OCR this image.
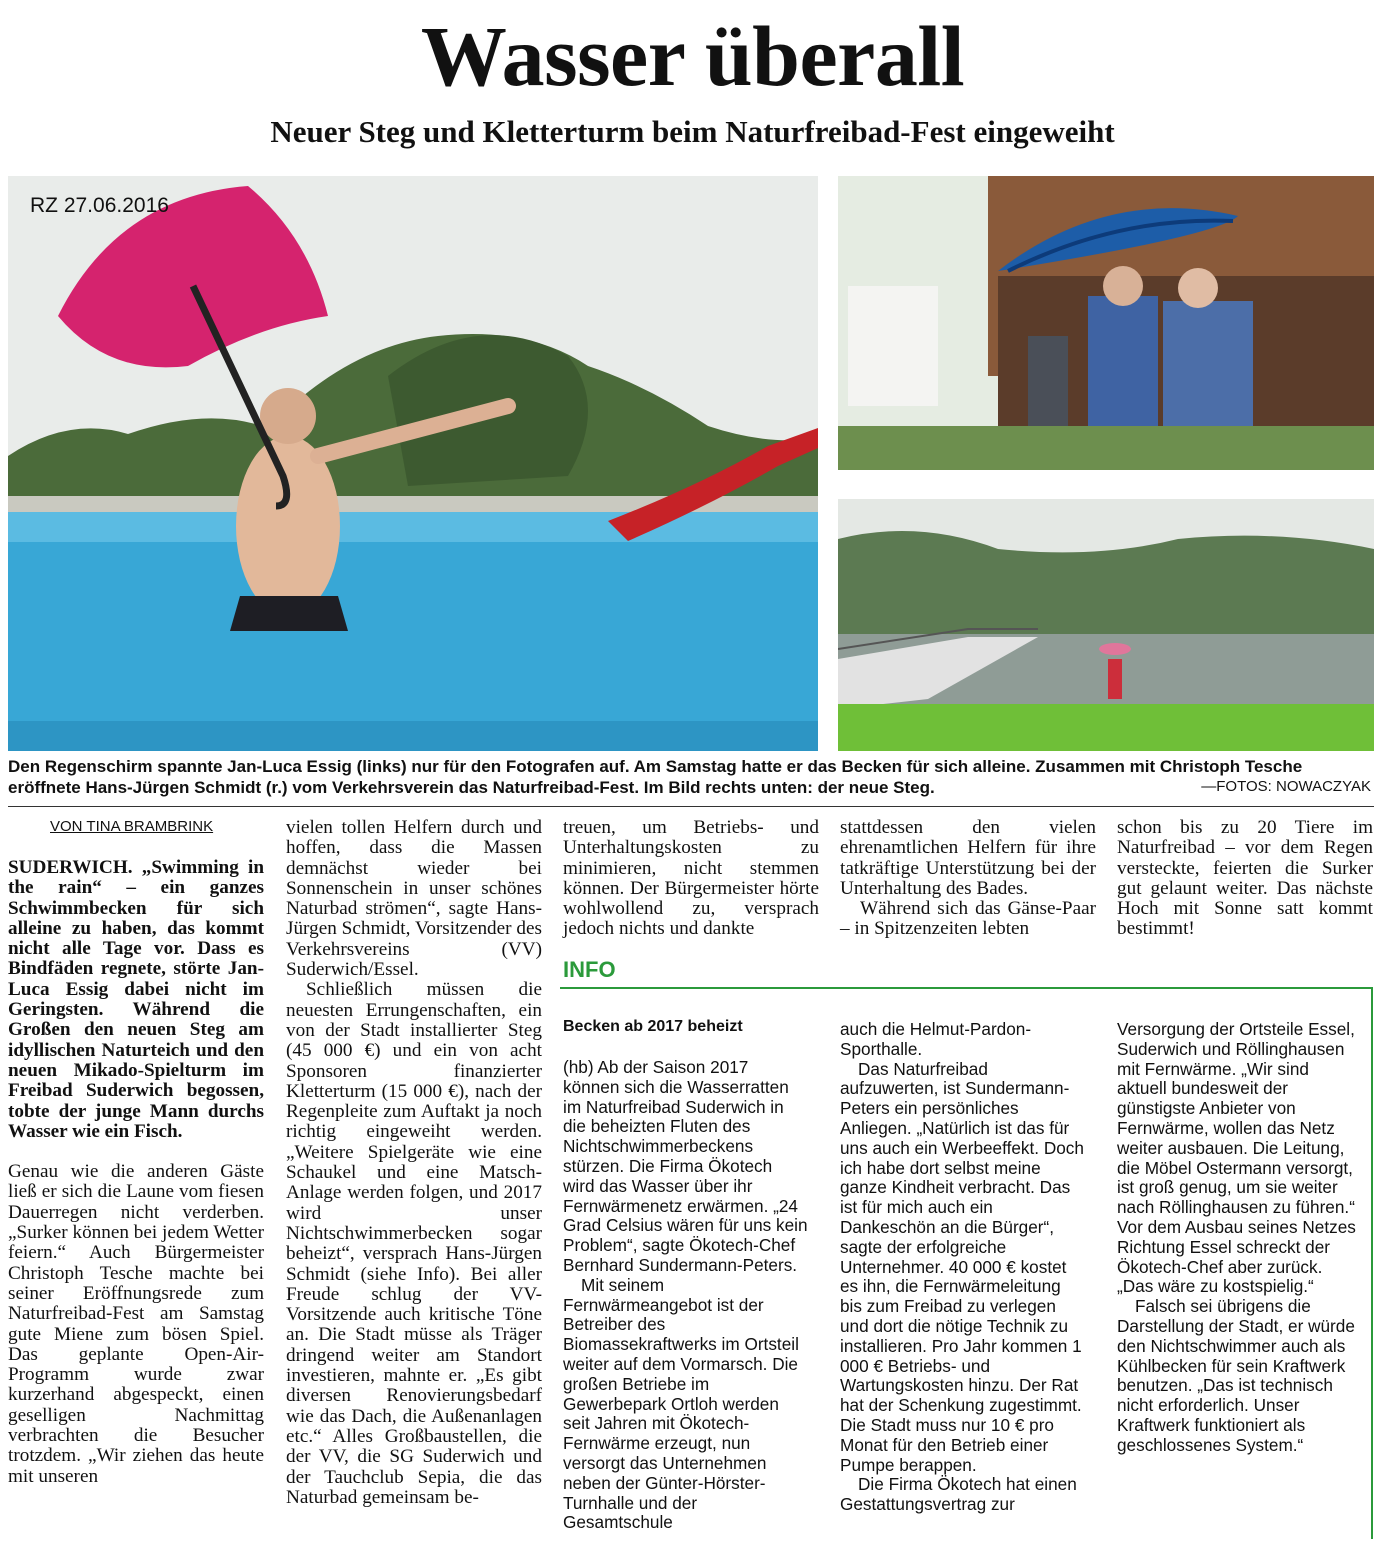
Wasser überall
Neuer Steg und Kletterturm beim Naturfreibad-Fest eingeweiht
RZ 27.06.2016
Den Regenschirm spannte Jan-Luca Essig (links) nur für den Fotografen auf. Am Samstag hatte er das Becken für sich alleine. Zusammen mit Christoph Tesche eröffnete Hans-Jürgen Schmidt (r.) vom Verkehrsverein das Naturfreibad-Fest. Im Bild rechts unten: der neue Steg.	—FOTOS: NOWACZYAK
VON TINA BRAMBRINK

SUDERWICH. „Swimming in the rain“ – ein ganzes Schwimmbecken für sich alleine zu haben, das kommt nicht alle Tage vor. Dass es Bindfäden regnete, störte Jan-Luca Essig dabei nicht im Geringsten. Während die Großen den neuen Steg am idyllischen Naturteich und den neuen Mikado-Spielturm im Freibad Suderwich begossen, tobte der junge Mann durchs Wasser wie ein Fisch.

Genau wie die anderen Gäste ließ er sich die Laune vom fiesen Dauerregen nicht verderben. „Surker können bei jedem Wetter feiern.“ Auch Bürgermeister Christoph Tesche machte bei seiner Eröffnungsrede zum Naturfreibad-Fest am Samstag gute Miene zum bösen Spiel. Das geplante Open-Air-Programm wurde zwar kurzerhand abgespeckt, einen geselligen Nachmittag verbrachten die Besucher trotzdem. „Wir ziehen das heute mit unseren

vielen tollen Helfern durch und hoffen, dass die Massen demnächst wieder bei Sonnenschein in unser schönes Naturbad strömen“, sagte Hans-Jürgen Schmidt, Vorsitzender des Verkehrsvereins (VV) Suderwich/Essel.

Schließlich müssen die neuesten Errungenschaften, ein von der Stadt installierter Steg (45 000 €) und ein von acht Sponsoren finanzierter Kletterturm (15 000 €), nach der Regenpleite zum Auftakt ja noch richtig eingeweiht werden. „Weitere Spielgeräte wie eine Schaukel und eine Matsch-Anlage werden folgen, und 2017 wird unser Nichtschwimmerbecken sogar beheizt“, versprach Hans-Jürgen Schmidt (siehe Info). Bei aller Freude schlug der VV-Vorsitzende auch kritische Töne an. Die Stadt müsse als Träger dringend weiter am Standort investieren, mahnte er. „Es gibt diversen Renovierungsbedarf wie das Dach, die Außenanlagen etc.“ Alles Großbaustellen, die der VV, die SG Suderwich und der Tauchclub Sepia, die das Naturbad gemeinsam be-

treuen, um Betriebs- und Unterhaltungskosten zu minimieren, nicht stemmen können. Der Bürgermeister hörte wohlwollend zu, versprach jedoch nichts und dankte

stattdessen den vielen ehrenamtlichen Helfern für ihre tatkräftige Unterstützung bei der Unterhaltung des Bades.

Während sich das Gänse-Paar – in Spitzenzeiten lebten

schon bis zu 20 Tiere im Naturfreibad – vor dem Regen versteckte, feierten die Surker gut gelaunt weiter. Das nächste Hoch mit Sonne satt kommt bestimmt!

INFO
Becken ab 2017 beheizt

(hb) Ab der Saison 2017 können sich die Wasserratten im Naturfreibad Suderwich in die beheizten Fluten des Nichtschwimmerbeckens stürzen. Die Firma Ökotech wird das Wasser über ihr Fernwärmenetz erwärmen. „24 Grad Celsius wären für uns kein Problem“, sagte Ökotech-Chef Bernhard Sundermann-Peters.

Mit seinem Fernwärmeangebot ist der Betreiber des Biomassekraftwerks im Ortsteil weiter auf dem Vormarsch. Die großen Betriebe im Gewerbepark Ortloh werden seit Jahren mit Ökotech-Fernwärme erzeugt, nun versorgt das Unternehmen neben der Günter-Hörster-Turnhalle und der Gesamtschule

auch die Helmut-Pardon-Sporthalle.

Das Naturfreibad aufzuwerten, ist Sundermann-Peters ein persönliches Anliegen. „Natürlich ist das für uns auch ein Werbeeffekt. Doch ich habe dort selbst meine ganze Kindheit verbracht. Das ist für mich auch ein Dankeschön an die Bürger“, sagte der erfolgreiche Unternehmer. 40 000 € kostet es ihn, die Fernwärmeleitung bis zum Freibad zu verlegen und dort die nötige Technik zu installieren. Pro Jahr kommen 1 000 € Betriebs- und Wartungskosten hinzu. Der Rat hat der Schenkung zugestimmt. Die Stadt muss nur 10 € pro Monat für den Betrieb einer Pumpe berappen.

Die Firma Ökotech hat einen Gestattungsvertrag zur

Versorgung der Ortsteile Essel, Suderwich und Röllinghausen mit Fernwärme. „Wir sind aktuell bundesweit der günstigste Anbieter von Fernwärme, wollen das Netz weiter ausbauen. Die Leitung, die Möbel Ostermann versorgt, ist groß genug, um sie weiter nach Röllinghausen zu führen.“ Vor dem Ausbau seines Netzes Richtung Essel schreckt der Ökotech-Chef aber zurück. „Das wäre zu kostspielig.“

Falsch sei übrigens die Darstellung der Stadt, er würde den Nichtschwimmer auch als Kühlbecken für sein Kraftwerk benutzen. „Das ist technisch nicht erforderlich. Unser Kraftwerk funktioniert als geschlossenes System.“
